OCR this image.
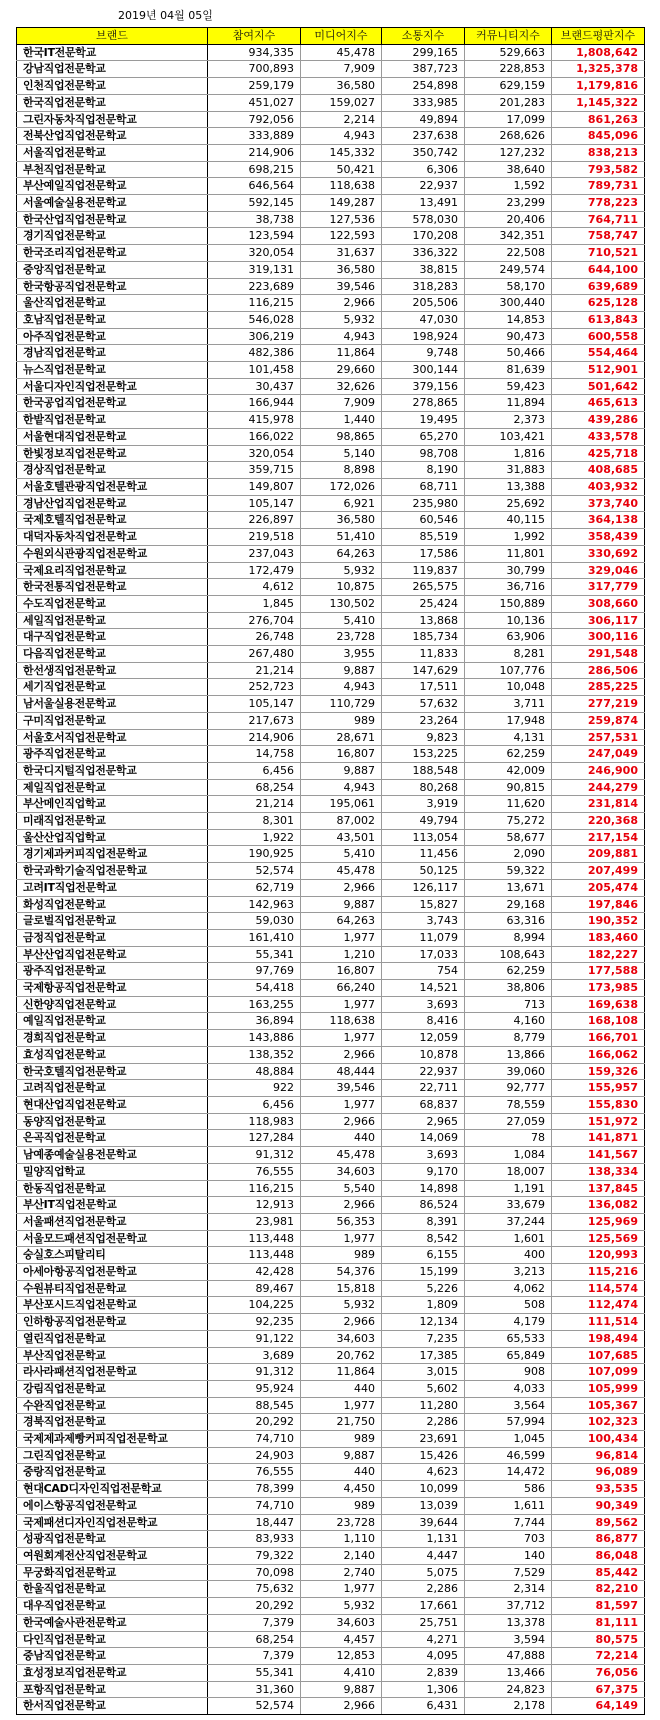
2019년 04월 05일
브랜드	참여지수	미디어지수	소통지수	커뮤니티지수	브랜드평판지수
한국IT전문학교	934,335	45,478	299,165	529,663	1,808,642
강남직업전문학교	700,893	7,909	387,723	228,853	1,325,378
인천직업전문학교	259,179	36,580	254,898	629,159	1,179,816
한국직업전문학교	451,027	159,027	333,985	201,283	1,145,322
그린자동차직업전문학교	792,056	2,214	49,894	17,099	861,263
전북산업직업전문학교	333,889	4,943	237,638	268,626	845,096
서울직업전문학교	214,906	145,332	350,742	127,232	838,213
부천직업전문학교	698,215	50,421	6,306	38,640	793,582
부산예일직업전문학교	646,564	118,638	22,937	1,592	789,731
서울예술실용전문학교	592,145	149,287	13,491	23,299	778,223
한국산업직업전문학교	38,738	127,536	578,030	20,406	764,711
경기직업전문학교	123,594	122,593	170,208	342,351	758,747
한국조리직업전문학교	320,054	31,637	336,322	22,508	710,521
중앙직업전문학교	319,131	36,580	38,815	249,574	644,100
한국항공직업전문학교	223,689	39,546	318,283	58,170	639,689
울산직업전문학교	116,215	2,966	205,506	300,440	625,128
호남직업전문학교	546,028	5,932	47,030	14,853	613,843
아주직업전문학교	306,219	4,943	198,924	90,473	600,558
경남직업전문학교	482,386	11,864	9,748	50,466	554,464
뉴스직업전문학교	101,458	29,660	300,144	81,639	512,901
서울디자인직업전문학교	30,437	32,626	379,156	59,423	501,642
한국공업직업전문학교	166,944	7,909	278,865	11,894	465,613
한밭직업전문학교	415,978	1,440	19,495	2,373	439,286
서울현대직업전문학교	166,022	98,865	65,270	103,421	433,578
한빛정보직업전문학교	320,054	5,140	98,708	1,816	425,718
경상직업전문학교	359,715	8,898	8,190	31,883	408,685
서울호텔관광직업전문학교	149,807	172,026	68,711	13,388	403,932
경남산업직업전문학교	105,147	6,921	235,980	25,692	373,740
국제호텔직업전문학교	226,897	36,580	60,546	40,115	364,138
대덕자동차직업전문학교	219,518	51,410	85,519	1,992	358,439
수원외식관광직업전문학교	237,043	64,263	17,586	11,801	330,692
국제요리직업전문학교	172,479	5,932	119,837	30,799	329,046
한국전통직업전문학교	4,612	10,875	265,575	36,716	317,779
수도직업전문학교	1,845	130,502	25,424	150,889	308,660
세일직업전문학교	276,704	5,410	13,868	10,136	306,117
대구직업전문학교	26,748	23,728	185,734	63,906	300,116
다음직업전문학교	267,480	3,955	11,833	8,281	291,548
한선생직업전문학교	21,214	9,887	147,629	107,776	286,506
세기직업전문학교	252,723	4,943	17,511	10,048	285,225
남서울실용전문학교	105,147	110,729	57,632	3,711	277,219
구미직업전문학교	217,673	989	23,264	17,948	259,874
서울호서직업전문학교	214,906	28,671	9,823	4,131	257,531
광주직업전문학교	14,758	16,807	153,225	62,259	247,049
한국디지털직업전문학교	6,456	9,887	188,548	42,009	246,900
제일직업전문학교	68,254	4,943	80,268	90,815	244,279
부산메인직업학교	21,214	195,061	3,919	11,620	231,814
미래직업전문학교	8,301	87,002	49,794	75,272	220,368
울산산업직업학교	1,922	43,501	113,054	58,677	217,154
경기제과커피직업전문학교	190,925	5,410	11,456	2,090	209,881
한국과학기술직업전문학교	52,574	45,478	50,125	59,322	207,499
고려IT직업전문학교	62,719	2,966	126,117	13,671	205,474
화성직업전문학교	142,963	9,887	15,827	29,168	197,846
글로벌직업전문학교	59,030	64,263	3,743	63,316	190,352
금정직업전문학교	161,410	1,977	11,079	8,994	183,460
부산산업직업전문학교	55,341	1,210	17,033	108,643	182,227
광주직업전문학교	97,769	16,807	754	62,259	177,588
국제항공직업전문학교	54,418	66,240	14,521	38,806	173,985
신한양직업전문학교	163,255	1,977	3,693	713	169,638
예일직업전문학교	36,894	118,638	8,416	4,160	168,108
경희직업전문학교	143,886	1,977	12,059	8,779	166,701
효성직업전문학교	138,352	2,966	10,878	13,866	166,062
한국호텔직업전문학교	48,884	48,444	22,937	39,060	159,326
고려직업전문학교	922	39,546	22,711	92,777	155,957
현대산업직업전문학교	6,456	1,977	68,837	78,559	155,830
동양직업전문학교	118,983	2,966	2,965	27,059	151,972
은곡직업전문학교	127,284	440	14,069	78	141,871
남예종예술실용전문학교	91,312	45,478	3,693	1,084	141,567
밀양직업학교	76,555	34,603	9,170	18,007	138,334
한동직업전문학교	116,215	5,540	14,898	1,191	137,845
부산IT직업전문학교	12,913	2,966	86,524	33,679	136,082
서울패션직업전문학교	23,981	56,353	8,391	37,244	125,969
서울모드패션직업전문학교	113,448	1,977	8,542	1,601	125,569
숭실호스피탈리티	113,448	989	6,155	400	120,993
아세아항공직업전문학교	42,428	54,376	15,199	3,213	115,216
수원뷰티직업전문학교	89,467	15,818	5,226	4,062	114,574
부산포시드직업전문학교	104,225	5,932	1,809	508	112,474
인하항공직업전문학교	92,235	2,966	12,134	4,179	111,514
열린직업전문학교	91,122	34,603	7,235	65,533	198,494
부산직업전문학교	3,689	20,762	17,385	65,849	107,685
라사라패션직업전문학교	91,312	11,864	3,015	908	107,099
강림직업전문학교	95,924	440	5,602	4,033	105,999
수완직업전문학교	88,545	1,977	11,280	3,564	105,367
경북직업전문학교	20,292	21,750	2,286	57,994	102,323
국제제과제빵커피직업전문학교	74,710	989	23,691	1,045	100,434
그린직업전문학교	24,903	9,887	15,426	46,599	96,814
중랑직업전문학교	76,555	440	4,623	14,472	96,089
현대CAD디자인직업전문학교	78,399	4,450	10,099	586	93,535
에이스항공직업전문학교	74,710	989	13,039	1,611	90,349
국제패션디자인직업전문학교	18,447	23,728	39,644	7,744	89,562
성광직업전문학교	83,933	1,110	1,131	703	86,877
여원회계전산직업전문학교	79,322	2,140	4,447	140	86,048
무궁화직업전문학교	70,098	2,740	5,075	7,529	85,442
한울직업전문학교	75,632	1,977	2,286	2,314	82,210
대우직업전문학교	20,292	5,932	17,661	37,712	81,597
한국예술사관전문학교	7,379	34,603	25,751	13,378	81,111
다인직업전문학교	68,254	4,457	4,271	3,594	80,575
중남직업전문학교	7,379	12,853	4,095	47,888	72,214
효성정보직업전문학교	55,341	4,410	2,839	13,466	76,056
포항직업전문학교	31,360	9,887	1,306	24,823	67,375
한서직업전문학교	52,574	2,966	6,431	2,178	64,149
